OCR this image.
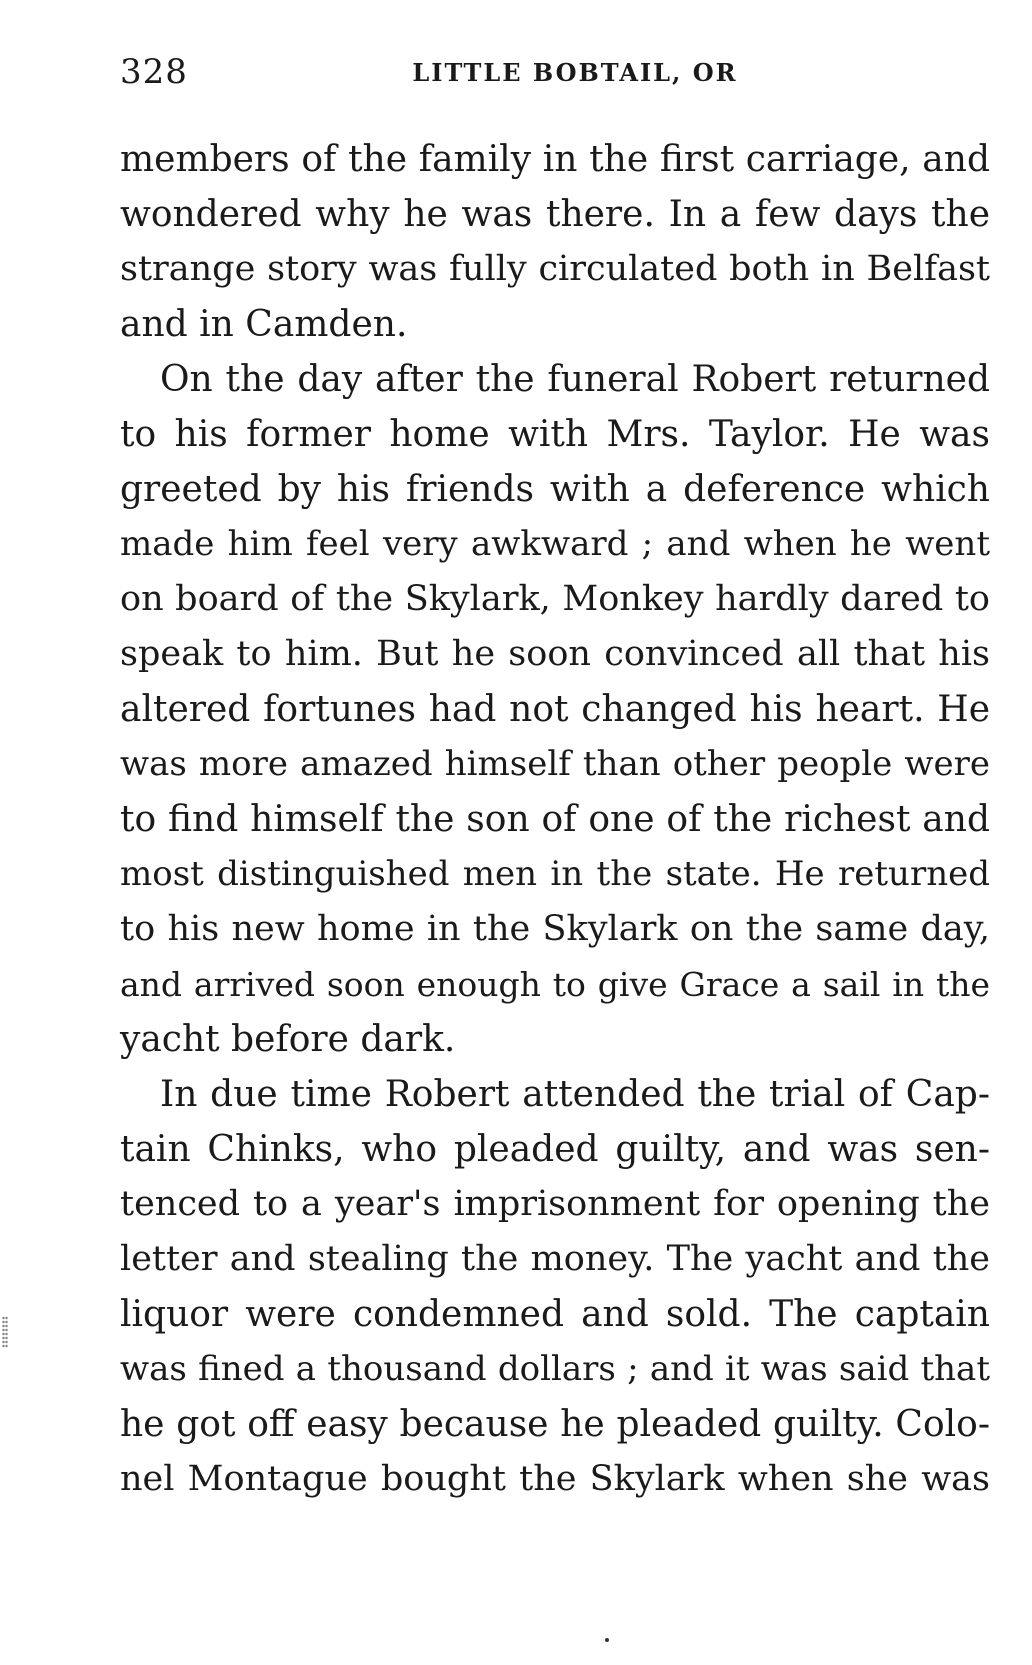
328	LITTLE BOBTAIL, OR
members of the family in the first carriage, and
wondered why he was there. In a few days the
strange story was fully circulated both in Belfast
and in Camden.
On the day after the funeral Robert returned
to his former home with Mrs. Taylor. He was
greeted by his friends with a deference which
made him feel very awkward ; and when he went
on board of the Skylark, Monkey hardly dared to
speak to him. But he soon convinced all that his
altered fortunes had not changed his heart. He
was more amazed himself than other people were
to find himself the son of one of the richest and
most distinguished men in the state. He returned
to his new home in the Skylark on the same day,
and arrived soon enough to give Grace a sail in the
yacht before dark.
In due time Robert attended the trial of Cap-
tain Chinks, who pleaded guilty, and was sen-
tenced to a year's imprisonment for opening the
letter and stealing the money. The yacht and the
liquor were condemned and sold. The captain
was fined a thousand dollars ; and it was said that
he got off easy because he pleaded guilty. Colo-
nel Montague bought the Skylark when she was
